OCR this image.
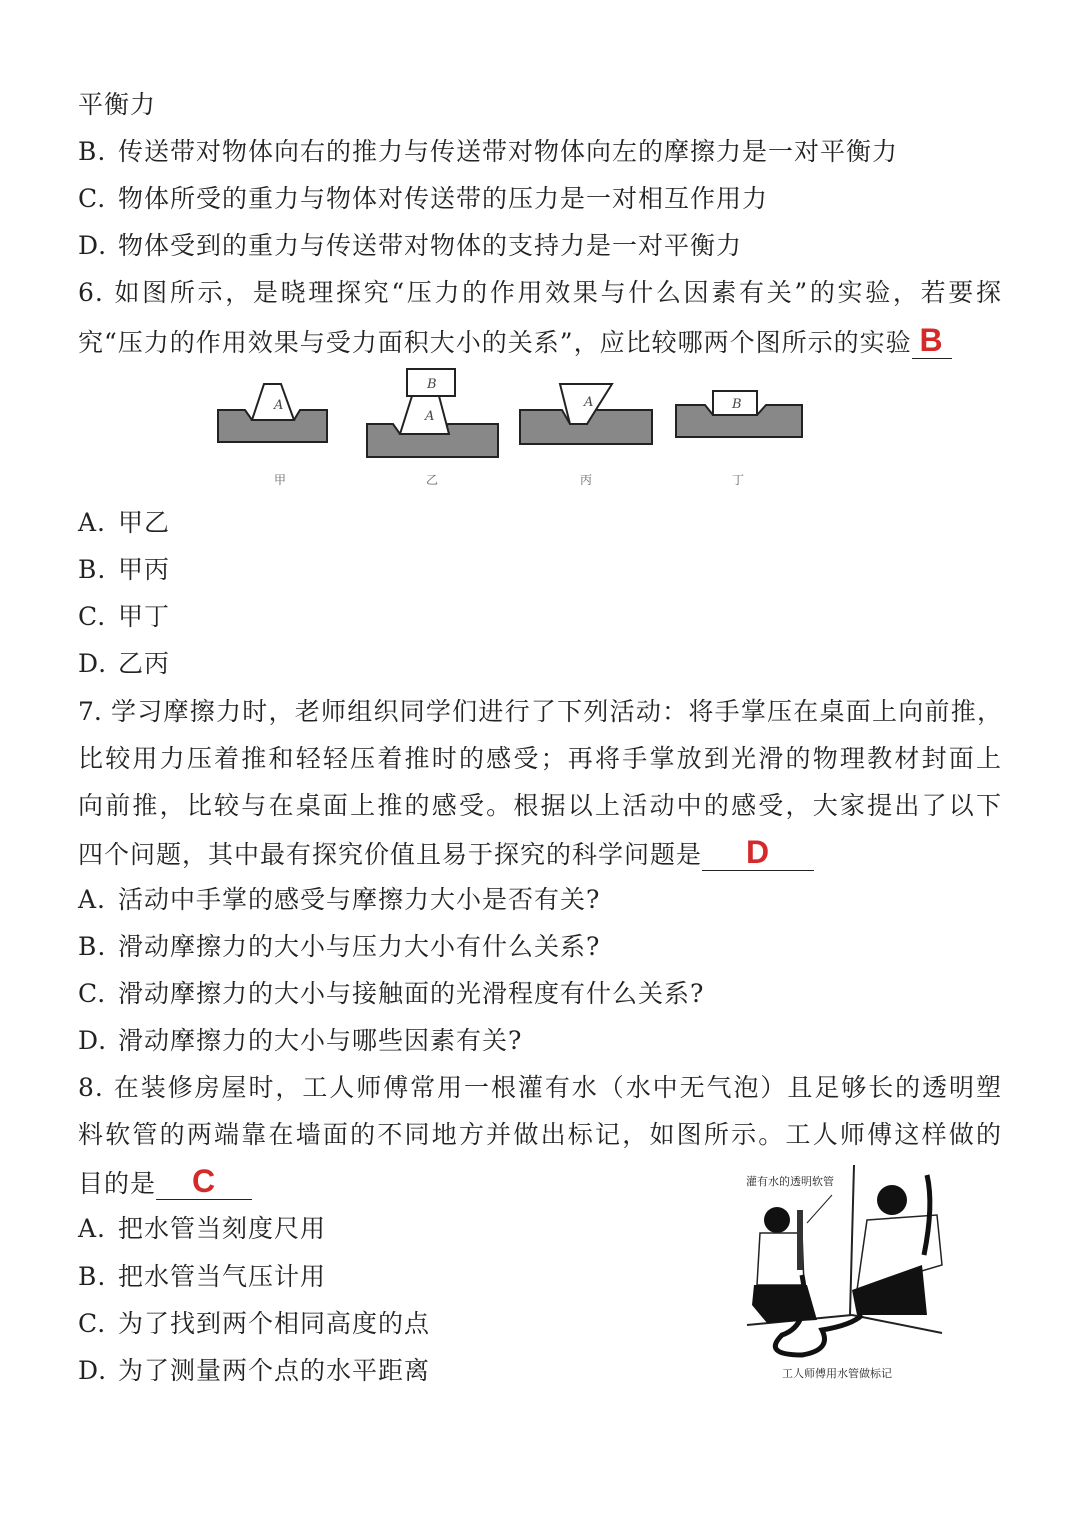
平衡力
B. 传送带对物体向右的推力与传送带对物体向左的摩擦力是一对平衡力
C. 物体所受的重力与物体对传送带的压力是一对相互作用力
D. 物体受到的重力与传送带对物体的支持力是一对平衡力
6. 如图所示，是晓理探究“压力的作用效果与什么因素有关”的实验，若要探
究“压力的作用效果与受力面积大小的关系”，应比较哪两个图所示的实验 B
A
B
A
A	B
甲	乙	丙	丁
A. 甲乙
B. 甲丙
C. 甲丁
D. 乙丙
7. 学习摩擦力时，老师组织同学们进行了下列活动：将手掌压在桌面上向前推，
比较用力压着推和轻轻压着推时的感受；再将手掌放到光滑的物理教材封面上
向前推，比较与在桌面上推的感受。根据以上活动中的感受，大家提出了以下
四个问题，其中最有探究价值且易于探究的科学问题是 D
A. 活动中手掌的感受与摩擦力大小是否有关?
B. 滑动摩擦力的大小与压力大小有什么关系?
C. 滑动摩擦力的大小与接触面的光滑程度有什么关系?
D. 滑动摩擦力的大小与哪些因素有关?
8. 在装修房屋时，工人师傅常用一根灌有水（水中无气泡）且足够长的透明塑
料软管的两端靠在墙面的不同地方并做出标记，如图所示。工人师傅这样做的
目的是 C
A. 把水管当刻度尺用
B. 把水管当气压计用
C. 为了找到两个相同高度的点
D. 为了测量两个点的水平距离
灌有水的透明软管
工人师傅用水管做标记
